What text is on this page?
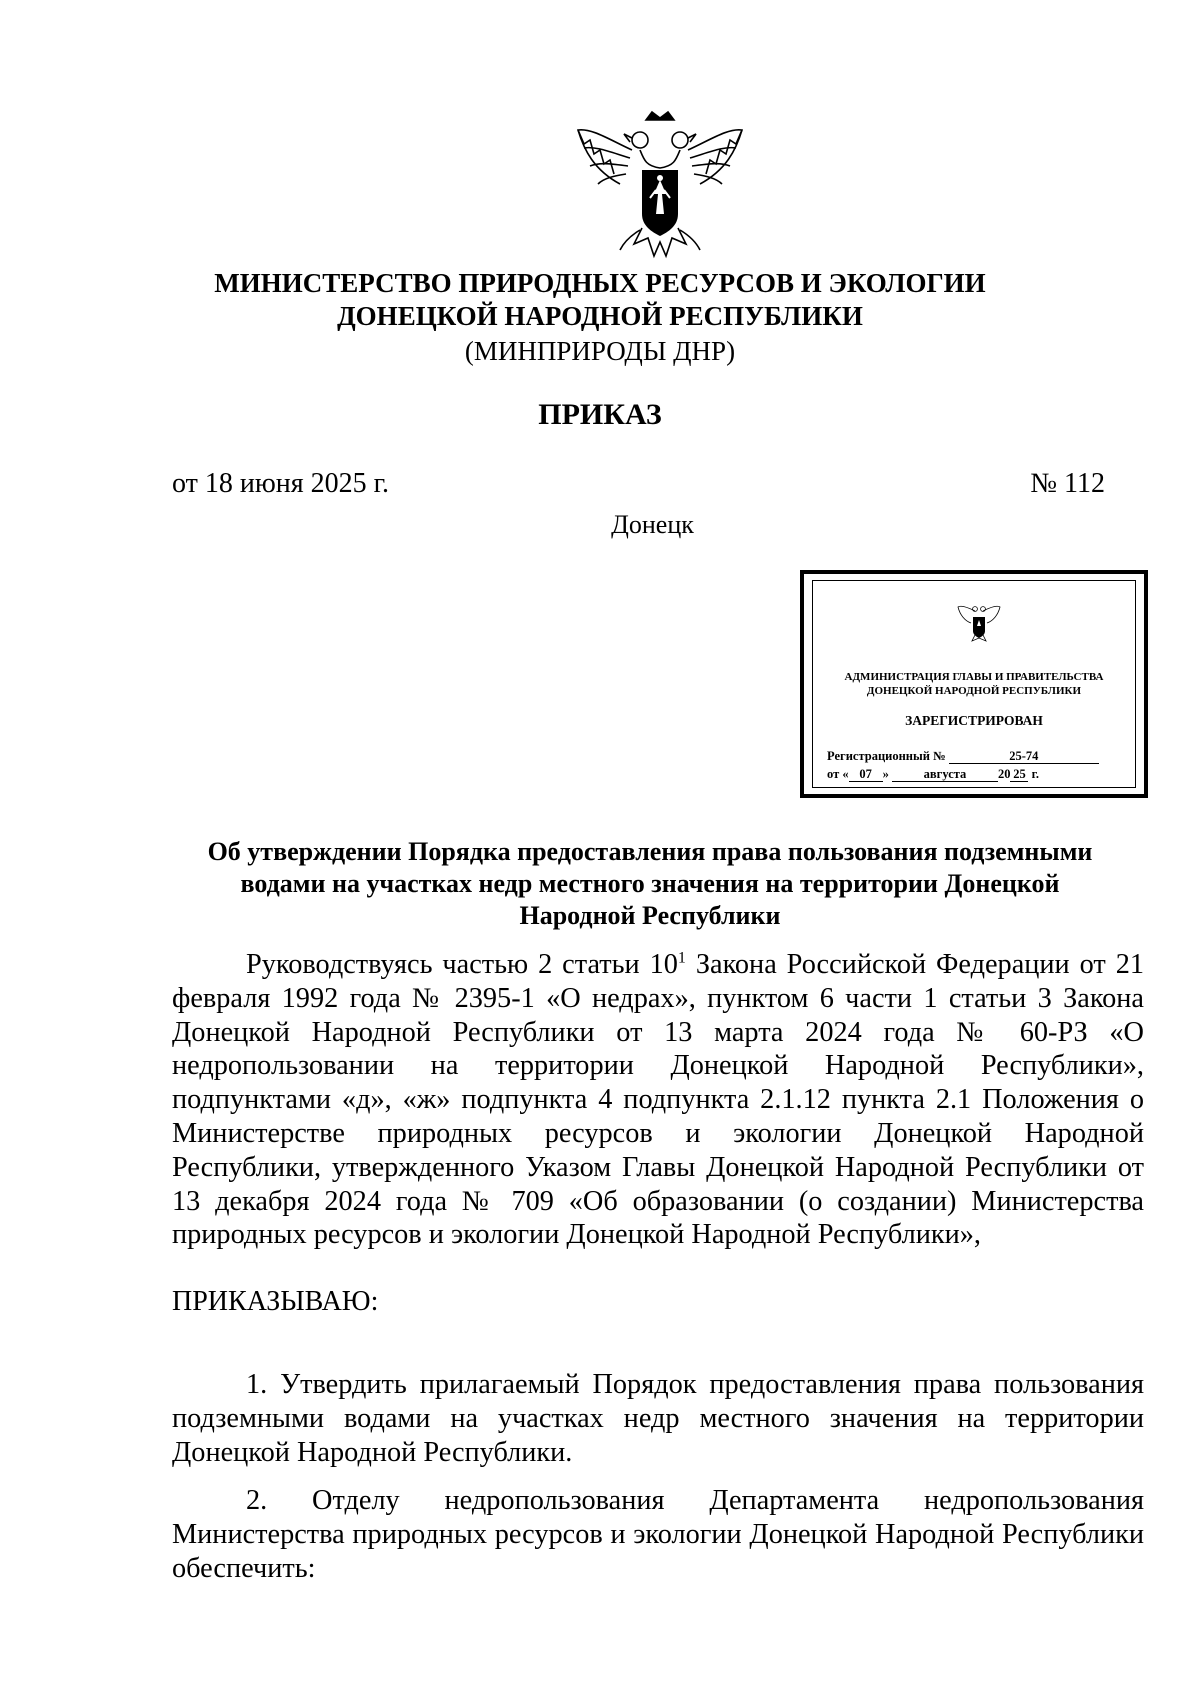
МИНИСТЕРСТВО ПРИРОДНЫХ РЕСУРСОВ И ЭКОЛОГИИ
ДОНЕЦКОЙ НАРОДНОЙ РЕСПУБЛИКИ
(МИНПРИРОДЫ ДНР)
ПРИКАЗ
от 18 июня 2025 г.	№ 112
Донецк
АДМИНИСТРАЦИЯ ГЛАВЫ И ПРАВИТЕЛЬСТВА
ДОНЕЦКОЙ НАРОДНОЙ РЕСПУБЛИКИ
ЗАРЕГИСТРИРОВАН
Регистрационный №	25-74
от « 07 »	августа	20 25 г.
Об утверждении Порядка предоставления права пользования подземными
водами на участках недр местного значения на территории Донецкой
Народной Республики

Руководствуясь частью 2 статьи $10^1$ Закона Российской Федерации от 21 февраля 1992 года № 2395-1 «О недрах», пунктом 6 части 1 статьи 3 Закона Донецкой Народной Республики от 13 марта 2024 года № 60-РЗ «О недропользовании на территории Донецкой Народной Республики», подпунктами «д», «ж» подпункта 4 подпункта 2.1.12 пункта 2.1 Положения о Министерстве природных ресурсов и экологии Донецкой Народной Республики, утвержденного Указом Главы Донецкой Народной Республики от 13 декабря 2024 года № 709 «Об образовании (о создании) Министерства природных ресурсов и экологии Донецкой Народной Республики»,

ПРИКАЗЫВАЮ:

1. Утвердить прилагаемый Порядок предоставления права пользования подземными водами на участках недр местного значения на территории Донецкой Народной Республики.

2. Отделу недропользования Департамента недропользования Министерства природных ресурсов и экологии Донецкой Народной Республики обеспечить:
